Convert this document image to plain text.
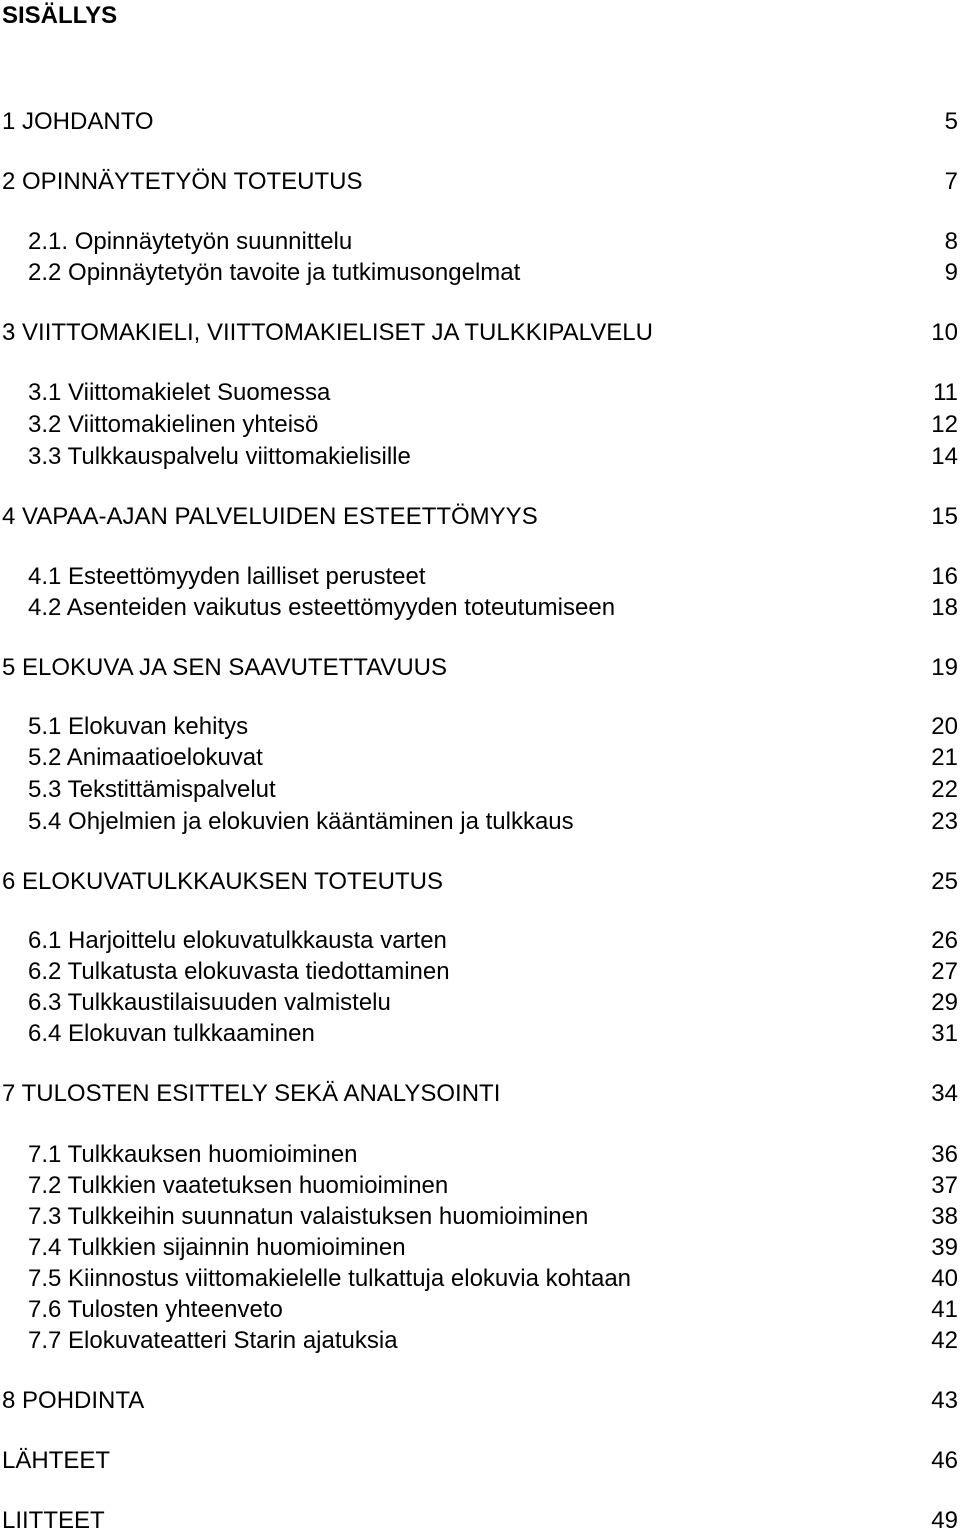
SISÄLLYS
1 JOHDANTO	5
2 OPINNÄYTETYÖN TOTEUTUS	7
2.1. Opinnäytetyön suunnittelu	8
2.2 Opinnäytetyön tavoite ja tutkimusongelmat	9
3 VIITTOMAKIELI, VIITTOMAKIELISET JA TULKKIPALVELU	10
3.1 Viittomakielet Suomessa	11
3.2 Viittomakielinen yhteisö	12
3.3 Tulkkauspalvelu viittomakielisille	14
4 VAPAA-AJAN PALVELUIDEN ESTEETTÖMYYS	15
4.1 Esteettömyyden lailliset perusteet	16
4.2 Asenteiden vaikutus esteettömyyden toteutumiseen	18
5 ELOKUVA JA SEN SAAVUTETTAVUUS	19
5.1 Elokuvan kehitys	20
5.2 Animaatioelokuvat	21
5.3 Tekstittämispalvelut	22
5.4 Ohjelmien ja elokuvien kääntäminen ja tulkkaus	23
6 ELOKUVATULKKAUKSEN TOTEUTUS	25
6.1 Harjoittelu elokuvatulkkausta varten	26
6.2 Tulkatusta elokuvasta tiedottaminen	27
6.3 Tulkkaustilaisuuden valmistelu	29
6.4 Elokuvan tulkkaaminen	31
7 TULOSTEN ESITTELY SEKÄ ANALYSOINTI	34
7.1 Tulkkauksen huomioiminen	36
7.2 Tulkkien vaatetuksen huomioiminen	37
7.3 Tulkkeihin suunnatun valaistuksen huomioiminen	38
7.4 Tulkkien sijainnin huomioiminen	39
7.5 Kiinnostus viittomakielelle tulkattuja elokuvia kohtaan	40
7.6 Tulosten yhteenveto	41
7.7 Elokuvateatteri Starin ajatuksia	42
8 POHDINTA	43
LÄHTEET	46
LIITTEET	49
